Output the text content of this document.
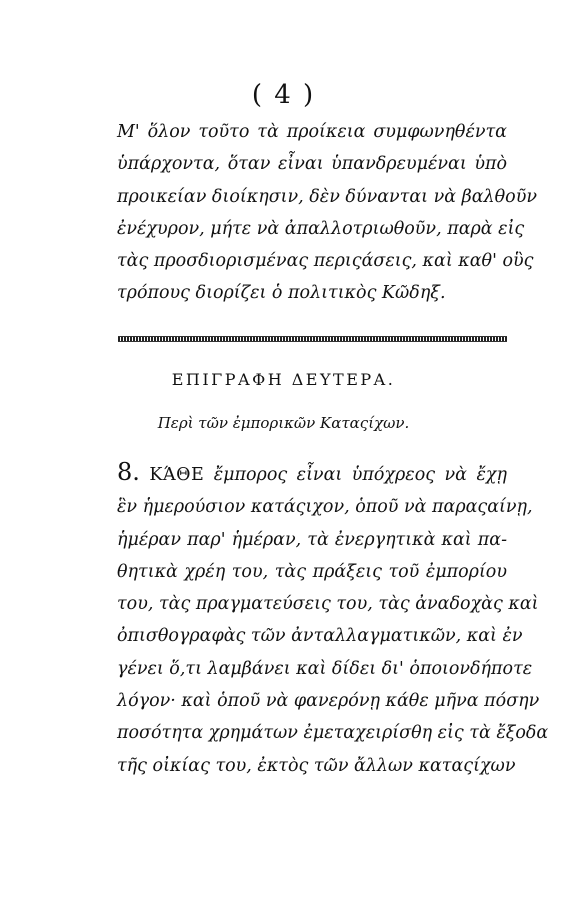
( 4 )
Μ' ὅλον τοῦτο τὰ προίκεια συμφωνηθέντα
ὑπάρχοντα, ὅταν εἶναι ὑπανδρευμέναι ὑπὸ
προικείαν διοίκησιν, δὲν δύνανται νὰ βαλθοῦν
ἐνέχυρον, μήτε νὰ ἀπαλλοτριωθοῦν, παρὰ εἰς
τὰς προσδιορισμένας περιςάσεις, καὶ καθ' οὓς
τρόπους διορίζει ὁ πολιτικὸς Κῶδηξ.
ΕΠΙΓΡΑΦΗ ΔΕΥΤΕΡΑ.
Περὶ τῶν ἐμπορικῶν Καταςίχων.
8. ΚΆΘΕ ἔμπορος εἶναι ὑπόχρεος νὰ ἔχῃ
ἓν ἡμερούσιον κατάςιχον, ὁποῦ νὰ παραςαίνῃ,
ἡμέραν παρ' ἡμέραν, τὰ ἐνεργητικὰ καὶ πα-
θητικὰ χρέη του, τὰς πράξεις τοῦ ἐμπορίου
του, τὰς πραγματεύσεις του, τὰς ἀναδοχὰς καὶ
ὀπισθογραφὰς τῶν ἀνταλλαγματικῶν, καὶ ἐν
γένει ὅ,τι λαμβάνει καὶ δίδει δι' ὁποιονδήποτε
λόγον· καὶ ὁποῦ νὰ φανερόνῃ κάθε μῆνα πόσην
ποσότητα χρημάτων ἐμεταχειρίσθη εἰς τὰ ἔξοδα
τῆς οἰκίας του, ἐκτὸς τῶν ἄλλων καταςίχων
